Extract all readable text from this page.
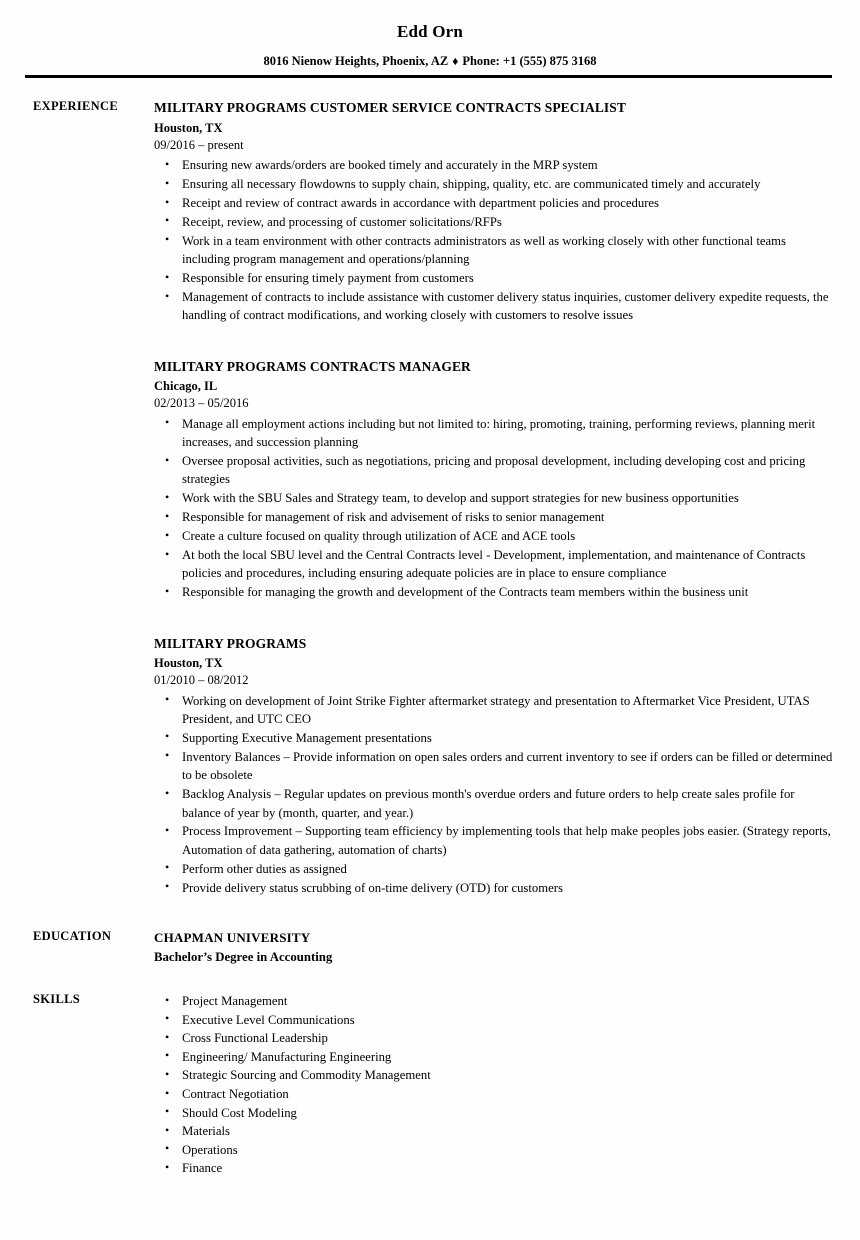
Edd Orn
8016 Nienow Heights, Phoenix, AZ ♦ Phone: +1 (555) 875 3168
EXPERIENCE	MILITARY PROGRAMS CUSTOMER SERVICE CONTRACTS SPECIALIST
Houston, TX
09/2016 – present
• Ensuring new awards/orders are booked timely and accurately in the MRP system
• Ensuring all necessary flowdowns to supply chain, shipping, quality, etc. are communicated timely and accurately
• Receipt and review of contract awards in accordance with department policies and procedures
• Receipt, review, and processing of customer solicitations/RFPs
• Work in a team environment with other contracts administrators as well as working closely with other functional teams including program management and operations/planning
• Responsible for ensuring timely payment from customers
• Management of contracts to include assistance with customer delivery status inquiries, customer delivery expedite requests, the handling of contract modifications, and working closely with customers to resolve issues
MILITARY PROGRAMS CONTRACTS MANAGER
Chicago, IL
02/2013 – 05/2016
• Manage all employment actions including but not limited to: hiring, promoting, training, performing reviews, planning merit increases, and succession planning
• Oversee proposal activities, such as negotiations, pricing and proposal development, including developing cost and pricing strategies
• Work with the SBU Sales and Strategy team, to develop and support strategies for new business opportunities
• Responsible for management of risk and advisement of risks to senior management
• Create a culture focused on quality through utilization of ACE and ACE tools
• At both the local SBU level and the Central Contracts level - Development, implementation, and maintenance of Contracts policies and procedures, including ensuring adequate policies are in place to ensure compliance
• Responsible for managing the growth and development of the Contracts team members within the business unit
MILITARY PROGRAMS
Houston, TX
01/2010 – 08/2012
• Working on development of Joint Strike Fighter aftermarket strategy and presentation to Aftermarket Vice President, UTAS President, and UTC CEO
• Supporting Executive Management presentations
• Inventory Balances – Provide information on open sales orders and current inventory to see if orders can be filled or determined to be obsolete
• Backlog Analysis – Regular updates on previous month's overdue orders and future orders to help create sales profile for balance of year by (month, quarter, and year.)
• Process Improvement – Supporting team efficiency by implementing tools that help make peoples jobs easier. (Strategy reports, Automation of data gathering, automation of charts)
• Perform other duties as assigned
• Provide delivery status scrubbing of on-time delivery (OTD) for customers
EDUCATION	CHAPMAN UNIVERSITY
Bachelor’s Degree in Accounting
SKILLS	• Project Management
• Executive Level Communications
• Cross Functional Leadership
• Engineering/ Manufacturing Engineering
• Strategic Sourcing and Commodity Management
• Contract Negotiation
• Should Cost Modeling
• Materials
• Operations
• Finance
